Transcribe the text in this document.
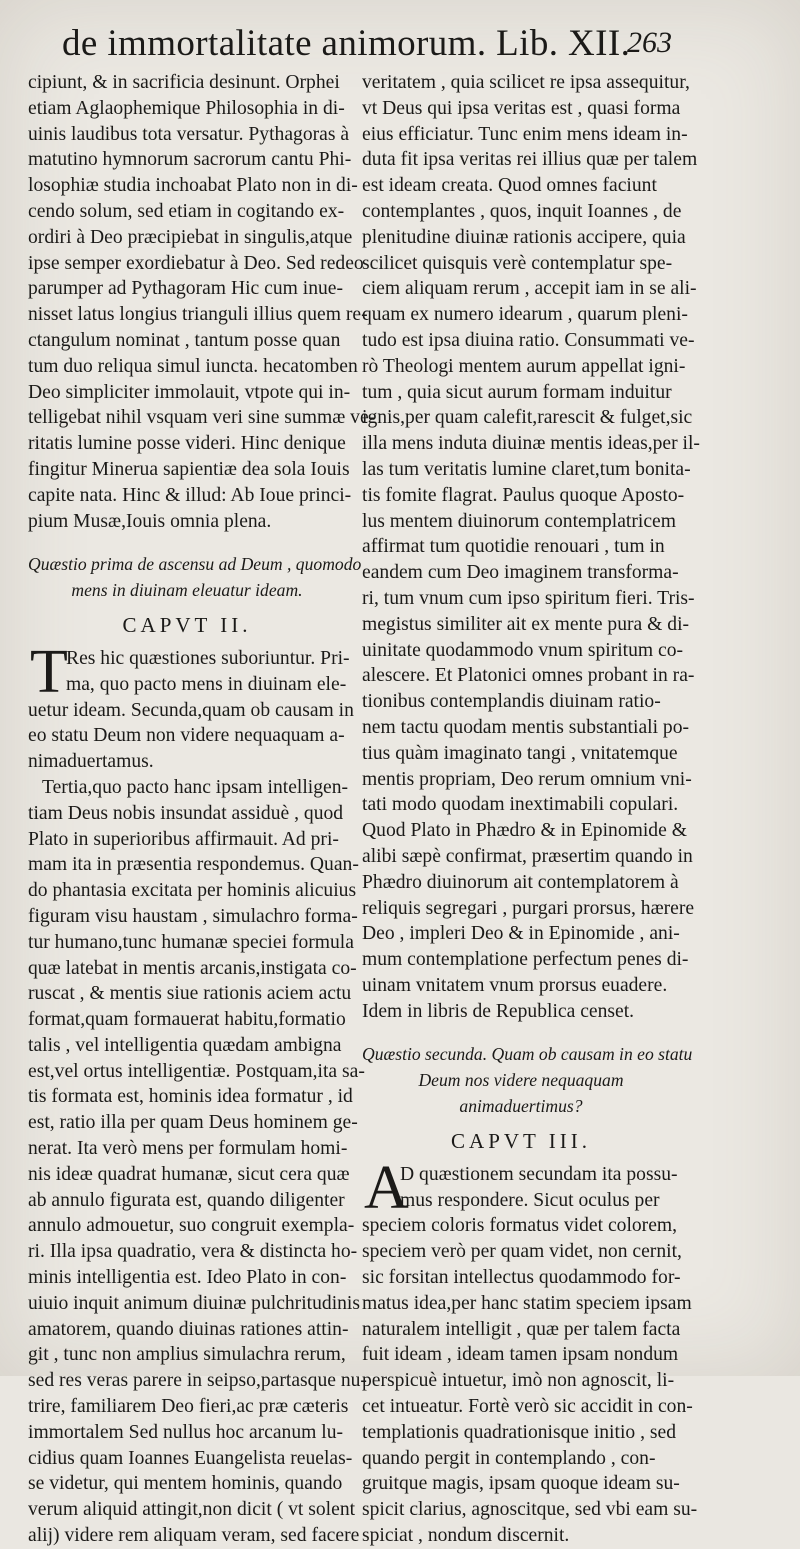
de immortalitate animorum. Lib. XII.
263
cipiunt, & in sacrificia desinunt. Orphei
etiam Aglaophemique Philosophia in di-
uinis laudibus tota versatur. Pythagoras à
matutino hymnorum sacrorum cantu Phi-
losophiæ studia inchoabat Plato non in di-
cendo solum, sed etiam in cogitando ex-
ordiri à Deo præcipiebat in singulis,atque
ipse semper exordiebatur à Deo. Sed redeo
parumper ad Pythagoram Hic cum inue-
nisset latus longius trianguli illius quem re-
ctangulum nominat , tantum posse quan
tum duo reliqua simul iuncta. hecatomben
Deo simpliciter immolauit, vtpote qui in-
telligebat nihil vsquam veri sine summæ ve-
ritatis lumine posse videri. Hinc denique
fingitur Minerua sapientiæ dea sola Iouis
capite nata. Hinc & illud: Ab Ioue princi-
pium Musæ,Iouis omnia plena.
Quæstio prima de ascensu ad Deum , quomodo
mens in diuinam eleuatur ideam.
CAPVT II.
T
Res hic quæstiones suboriuntur. Pri-
ma, quo pacto mens in diuinam ele-
uetur ideam. Secunda,quam ob causam in
eo statu Deum non videre nequaquam a-
nimaduertamus.
Tertia,quo pacto hanc ipsam intelligen-
tiam Deus nobis insundat assiduè , quod
Plato in superioribus affirmauit. Ad pri-
mam ita in præsentia respondemus. Quan-
do phantasia excitata per hominis alicuius
figuram visu haustam , simulachro forma-
tur humano,tunc humanæ speciei formula
quæ latebat in mentis arcanis,instigata co-
ruscat , & mentis siue rationis aciem actu
format,quam formauerat habitu,formatio
talis , vel intelligentia quædam ambigna
est,vel ortus intelligentiæ. Postquam,ita sa-
tis formata est, hominis idea formatur , id
est, ratio illa per quam Deus hominem ge-
nerat. Ita verò mens per formulam homi-
nis ideæ quadrat humanæ, sicut cera quæ
ab annulo figurata est, quando diligenter
annulo admouetur, suo congruit exempla-
ri. Illa ipsa quadratio, vera & distincta ho-
minis intelligentia est. Ideo Plato in con-
uiuio inquit animum diuinæ pulchritudinis
amatorem, quando diuinas rationes attin-
git , tunc non amplius simulachra rerum,
sed res veras parere in seipso,partasque nu-
trire, familiarem Deo fieri,ac præ cæteris
immortalem Sed nullus hoc arcanum lu-
cidius quam Ioannes Euangelista reuelas-
se videtur, qui mentem hominis, quando
verum aliquid attingit,non dicit ( vt solent
alij) videre rem aliquam veram, sed facere
veritatem , quia scilicet re ipsa assequitur,
vt Deus qui ipsa veritas est , quasi forma
eius efficiatur. Tunc enim mens ideam in-
duta fit ipsa veritas rei illius quæ per talem
est ideam creata. Quod omnes faciunt
contemplantes , quos, inquit Ioannes , de
plenitudine diuinæ rationis accipere, quia
scilicet quisquis verè contemplatur spe-
ciem aliquam rerum , accepit iam in se ali-
quam ex numero idearum , quarum pleni-
tudo est ipsa diuina ratio. Consummati ve-
rò Theologi mentem aurum appellat igni-
tum , quia sicut aurum formam induitur
ignis,per quam calefit,rarescit & fulget,sic
illa mens induta diuinæ mentis ideas,per il-
las tum veritatis lumine claret,tum bonita-
tis fomite flagrat. Paulus quoque Aposto-
lus mentem diuinorum contemplatricem
affirmat tum quotidie renouari , tum in
eandem cum Deo imaginem transforma-
ri, tum vnum cum ipso spiritum fieri. Tris-
megistus similiter ait ex mente pura & di-
uinitate quodammodo vnum spiritum co-
alescere. Et Platonici omnes probant in ra-
tionibus contemplandis diuinam ratio-
nem tactu quodam mentis substantiali po-
tius quàm imaginato tangi , vnitatemque
mentis propriam, Deo rerum omnium vni-
tati modo quodam inextimabili copulari.
Quod Plato in Phædro & in Epinomide &
alibi sæpè confirmat, præsertim quando in
Phædro diuinorum ait contemplatorem à
reliquis segregari , purgari prorsus, hærere
Deo , impleri Deo & in Epinomide , ani-
mum contemplatione perfectum penes di-
uinam vnitatem vnum prorsus euadere.
Idem in libris de Republica censet.
Quæstio secunda. Quam ob causam in eo statu
Deum nos videre nequaquam
animaduertimus?
CAPVT III.
A
D quæstionem secundam ita possu-
mus respondere. Sicut oculus per
speciem coloris formatus videt colorem,
speciem verò per quam videt, non cernit,
sic forsitan intellectus quodammodo for-
matus idea,per hanc statim speciem ipsam
naturalem intelligit , quæ per talem facta
fuit ideam , ideam tamen ipsam nondum
perspicuè intuetur, imò non agnoscit, li-
cet intueatur. Fortè verò sic accidit in con-
templationis quadrationisque initio , sed
quando pergit in contemplando , con-
gruitque magis, ipsam quoque ideam su-
spicit clarius, agnoscitque, sed vbi eam su-
spiciat , nondum discernit.
